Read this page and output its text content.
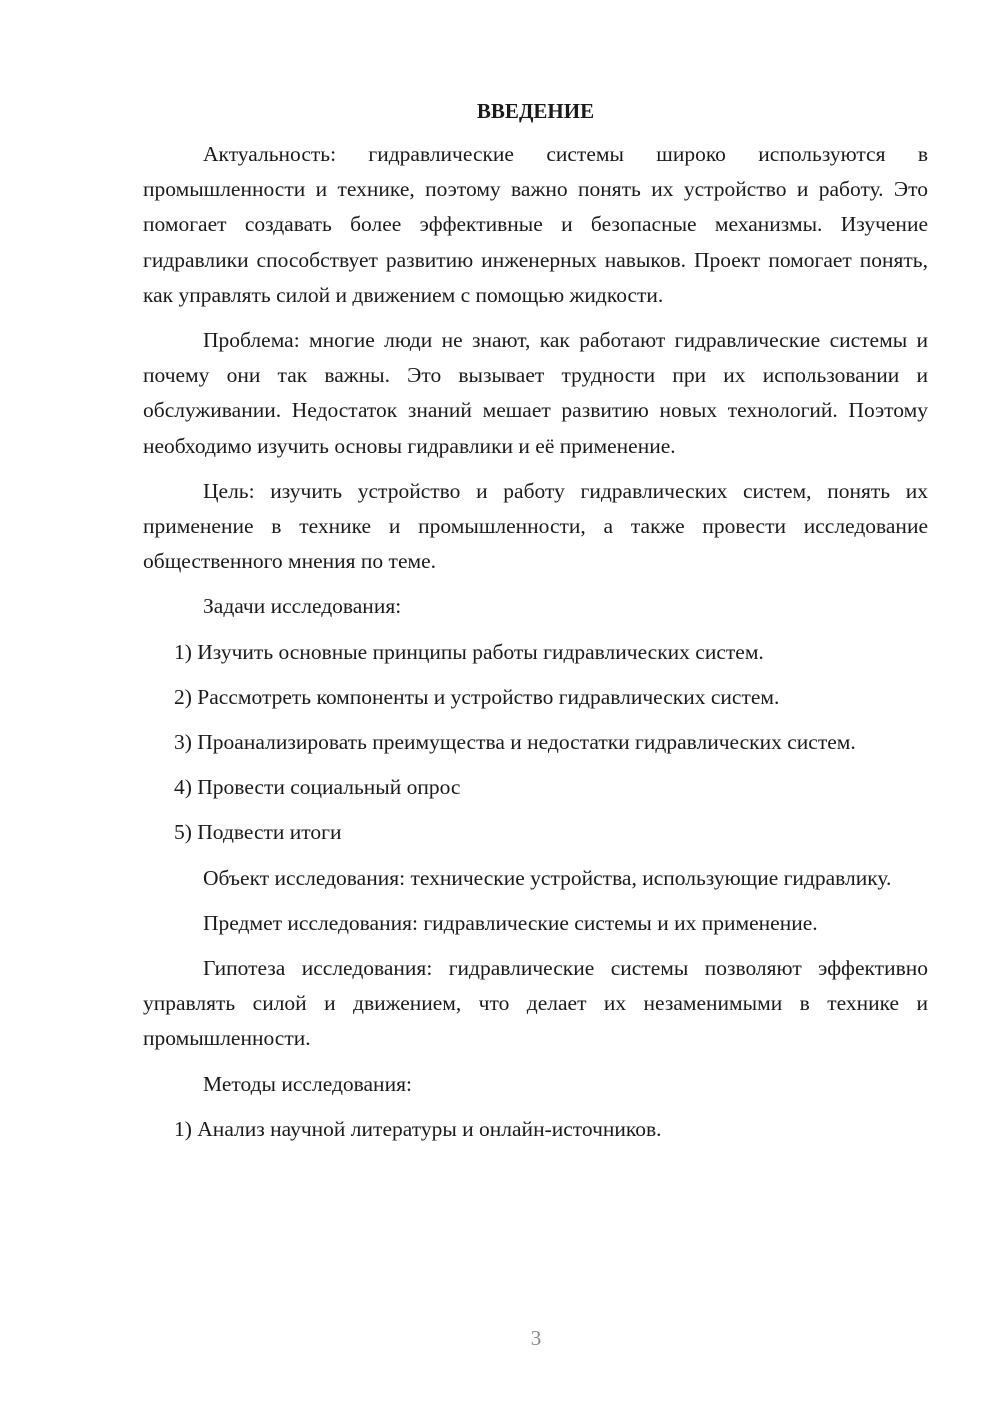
ВВЕДЕНИЕ

Актуальность: гидравлические системы широко используются в промышленности и технике, поэтому важно понять их устройство и работу. Это помогает создавать более эффективные и безопасные механизмы. Изучение гидравлики способствует развитию инженерных навыков. Проект помогает понять, как управлять силой и движением с помощью жидкости.

Проблема: многие люди не знают, как работают гидравлические системы и почему они так важны. Это вызывает трудности при их использовании и обслуживании. Недостаток знаний мешает развитию новых технологий. Поэтому необходимо изучить основы гидравлики и её применение.

Цель: изучить устройство и работу гидравлических систем, понять их применение в технике и промышленности, а также провести исследование общественного мнения по теме.

Задачи исследования:

1) Изучить основные принципы работы гидравлических систем.

2) Рассмотреть компоненты и устройство гидравлических систем.

3) Проанализировать преимущества и недостатки гидравлических систем.

4) Провести социальный опрос

5) Подвести итоги

Объект исследования: технические устройства, использующие гидравлику.

Предмет исследования: гидравлические системы и их применение.

Гипотеза исследования: гидравлические системы позволяют эффективно управлять силой и движением, что делает их незаменимыми в технике и промышленности.

Методы исследования:

1) Анализ научной литературы и онлайн-источников.

3
